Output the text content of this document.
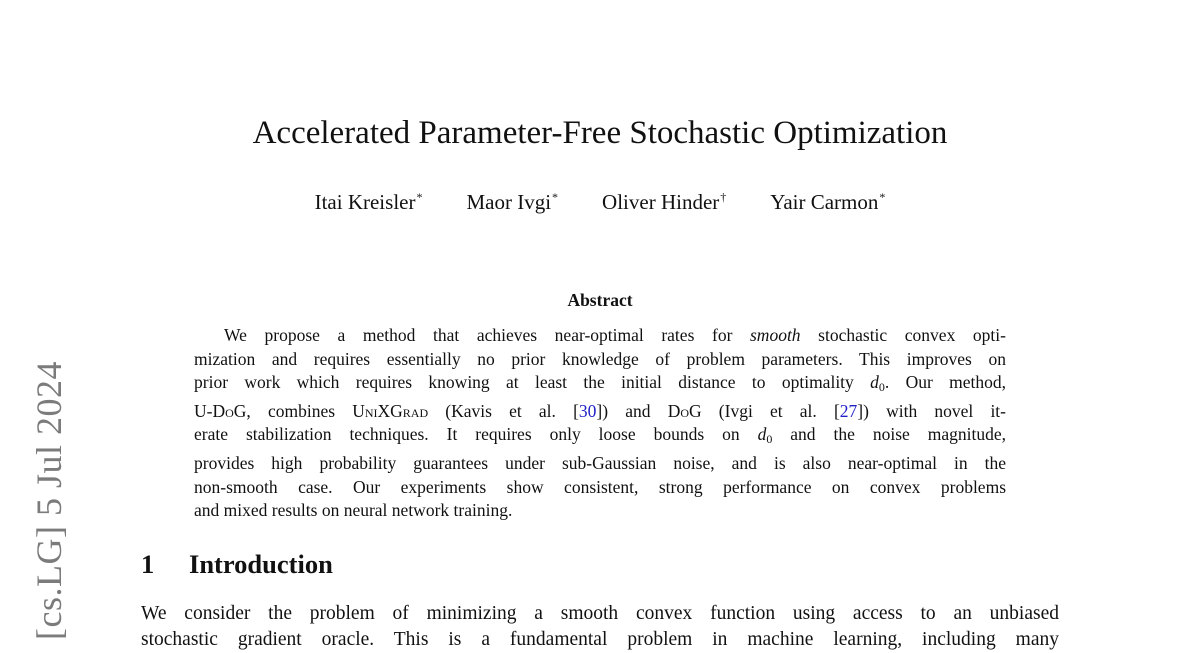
[cs.LG] 5 Jul 2024
Accelerated Parameter-Free Stochastic Optimization
Itai Kreisler* Maor Ivgi* Oliver Hinder† Yair Carmon*
Abstract
We propose a method that achieves near-optimal rates for smooth stochastic convex opti-
mization and requires essentially no prior knowledge of problem parameters. This improves on
prior work which requires knowing at least the initial distance to optimality $d_0$. Our method,
U-DoG, combines UniXGrad (Kavis et al. [30]) and DoG (Ivgi et al. [27]) with novel it-
erate stabilization techniques. It requires only loose bounds on $d_0$ and the noise magnitude,
provides high probability guarantees under sub-Gaussian noise, and is also near-optimal in the
non-smooth case. Our experiments show consistent, strong performance on convex problems
and mixed results on neural network training.
1 Introduction
We consider the problem of minimizing a smooth convex function using access to an unbiased
stochastic gradient oracle. This is a fundamental problem in machine learning, including many
